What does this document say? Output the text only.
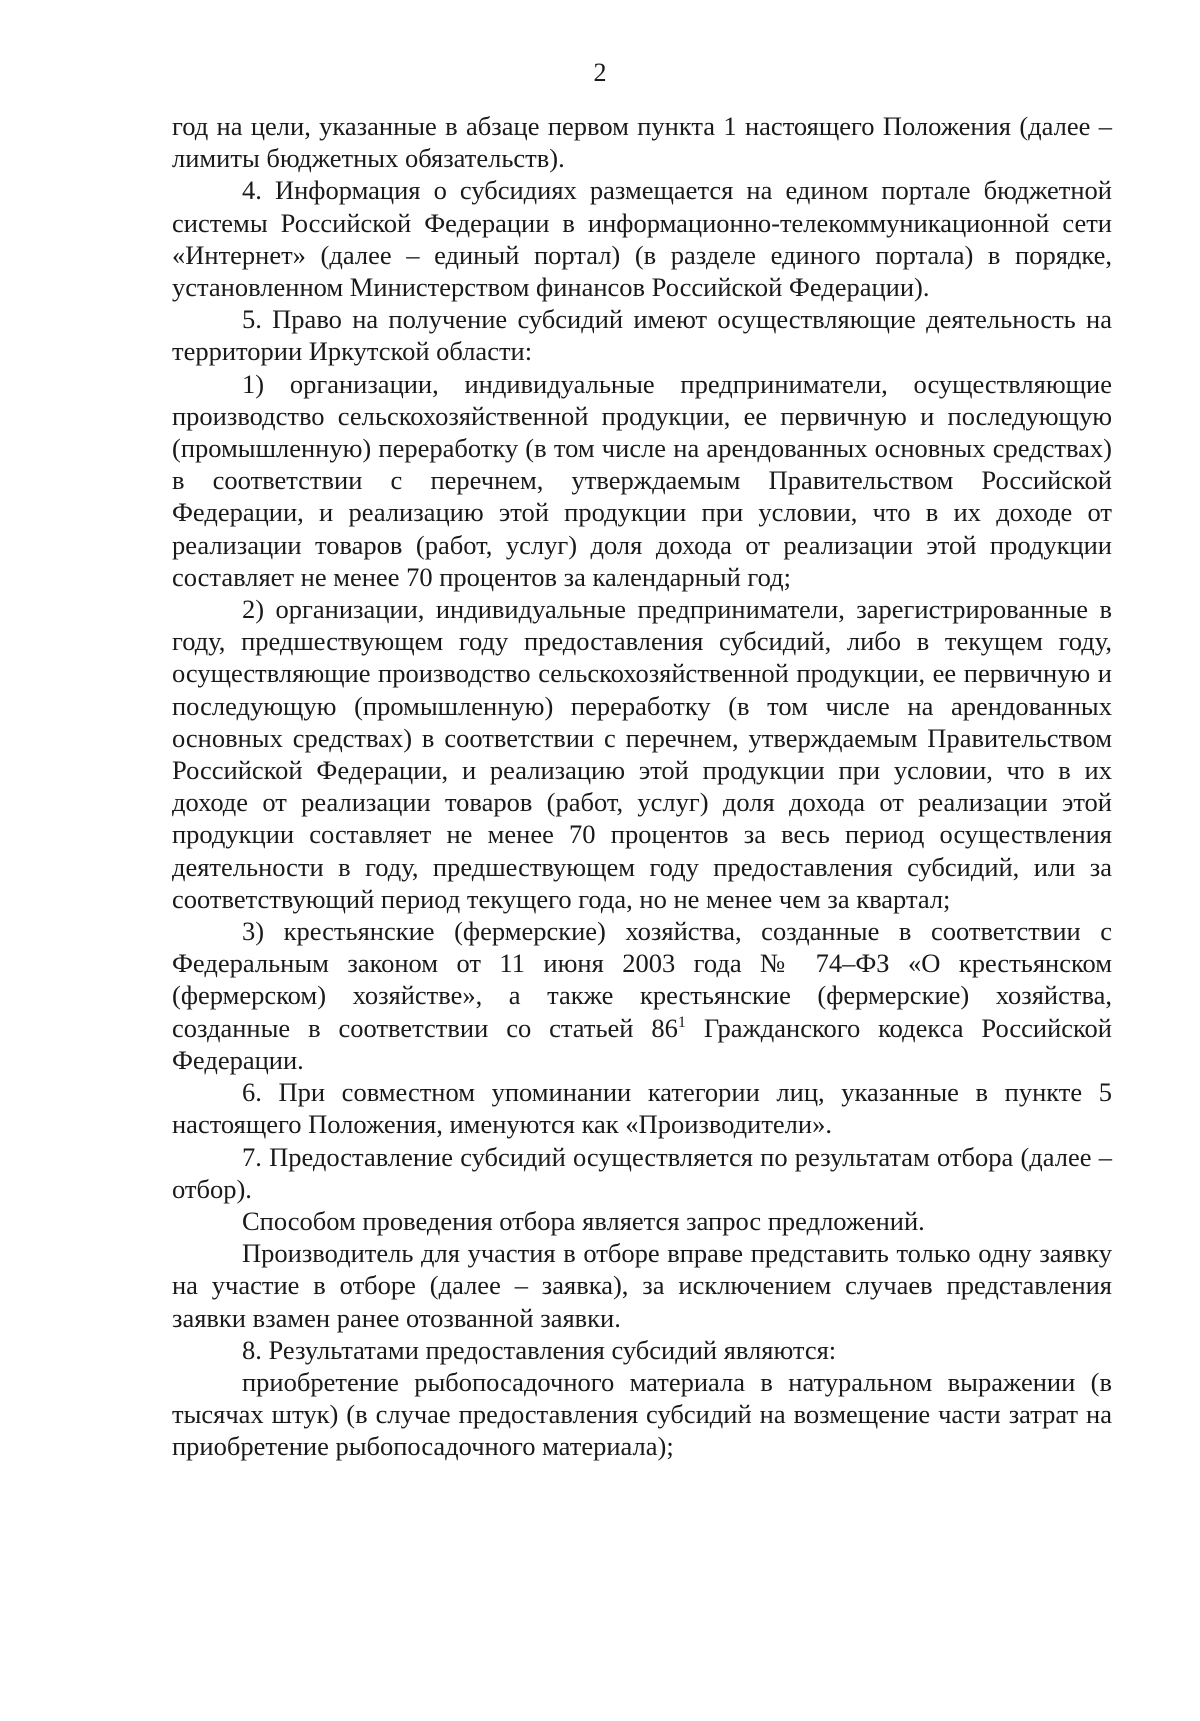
2

год на цели, указанные в абзаце первом пункта 1 настоящего Положения (далее – лимиты бюджетных обязательств).

4. Информация о субсидиях размещается на едином портале бюджетной системы Российской Федерации в информационно-телекоммуникационной сети «Интернет» (далее – единый портал) (в разделе единого портала) в порядке, установленном Министерством финансов Российской Федерации).

5. Право на получение субсидий имеют осуществляющие деятельность на территории Иркутской области:

1) организации, индивидуальные предприниматели, осуществляющие производство сельскохозяйственной продукции, ее первичную и последующую (промышленную) переработку (в том числе на арендованных основных средствах) в соответствии с перечнем, утверждаемым Правительством Российской Федерации, и реализацию этой продукции при условии, что в их доходе от реализации товаров (работ, услуг) доля дохода от реализации этой продукции составляет не менее 70 процентов за календарный год;

2) организации, индивидуальные предприниматели, зарегистрированные в году, предшествующем году предоставления субсидий, либо в текущем году, осуществляющие производство сельскохозяйственной продукции, ее первичную и последующую (промышленную) переработку (в том числе на арендованных основных средствах) в соответствии с перечнем, утверждаемым Правительством Российской Федерации, и реализацию этой продукции при условии, что в их доходе от реализации товаров (работ, услуг) доля дохода от реализации этой продукции составляет не менее 70 процентов за весь период осуществления деятельности в году, предшествующем году предоставления субсидий, или за соответствующий период текущего года, но не менее чем за квартал;

3) крестьянские (фермерские) хозяйства, созданные в соответствии с Федеральным законом от 11 июня 2003 года № 74–ФЗ «О крестьянском (фермерском) хозяйстве», а также крестьянские (фермерские) хозяйства, созданные в соответствии со статьей $86^1$ Гражданского кодекса Российской Федерации.

6. При совместном упоминании категории лиц, указанные в пункте 5 настоящего Положения, именуются как «Производители».

7. Предоставление субсидий осуществляется по результатам отбора (далее – отбор).

Способом проведения отбора является запрос предложений.

Производитель для участия в отборе вправе представить только одну заявку на участие в отборе (далее – заявка), за исключением случаев представления заявки взамен ранее отозванной заявки.

8. Результатами предоставления субсидий являются:

приобретение рыбопосадочного материала в натуральном выражении (в тысячах штук) (в случае предоставления субсидий на возмещение части затрат на приобретение рыбопосадочного материала);
